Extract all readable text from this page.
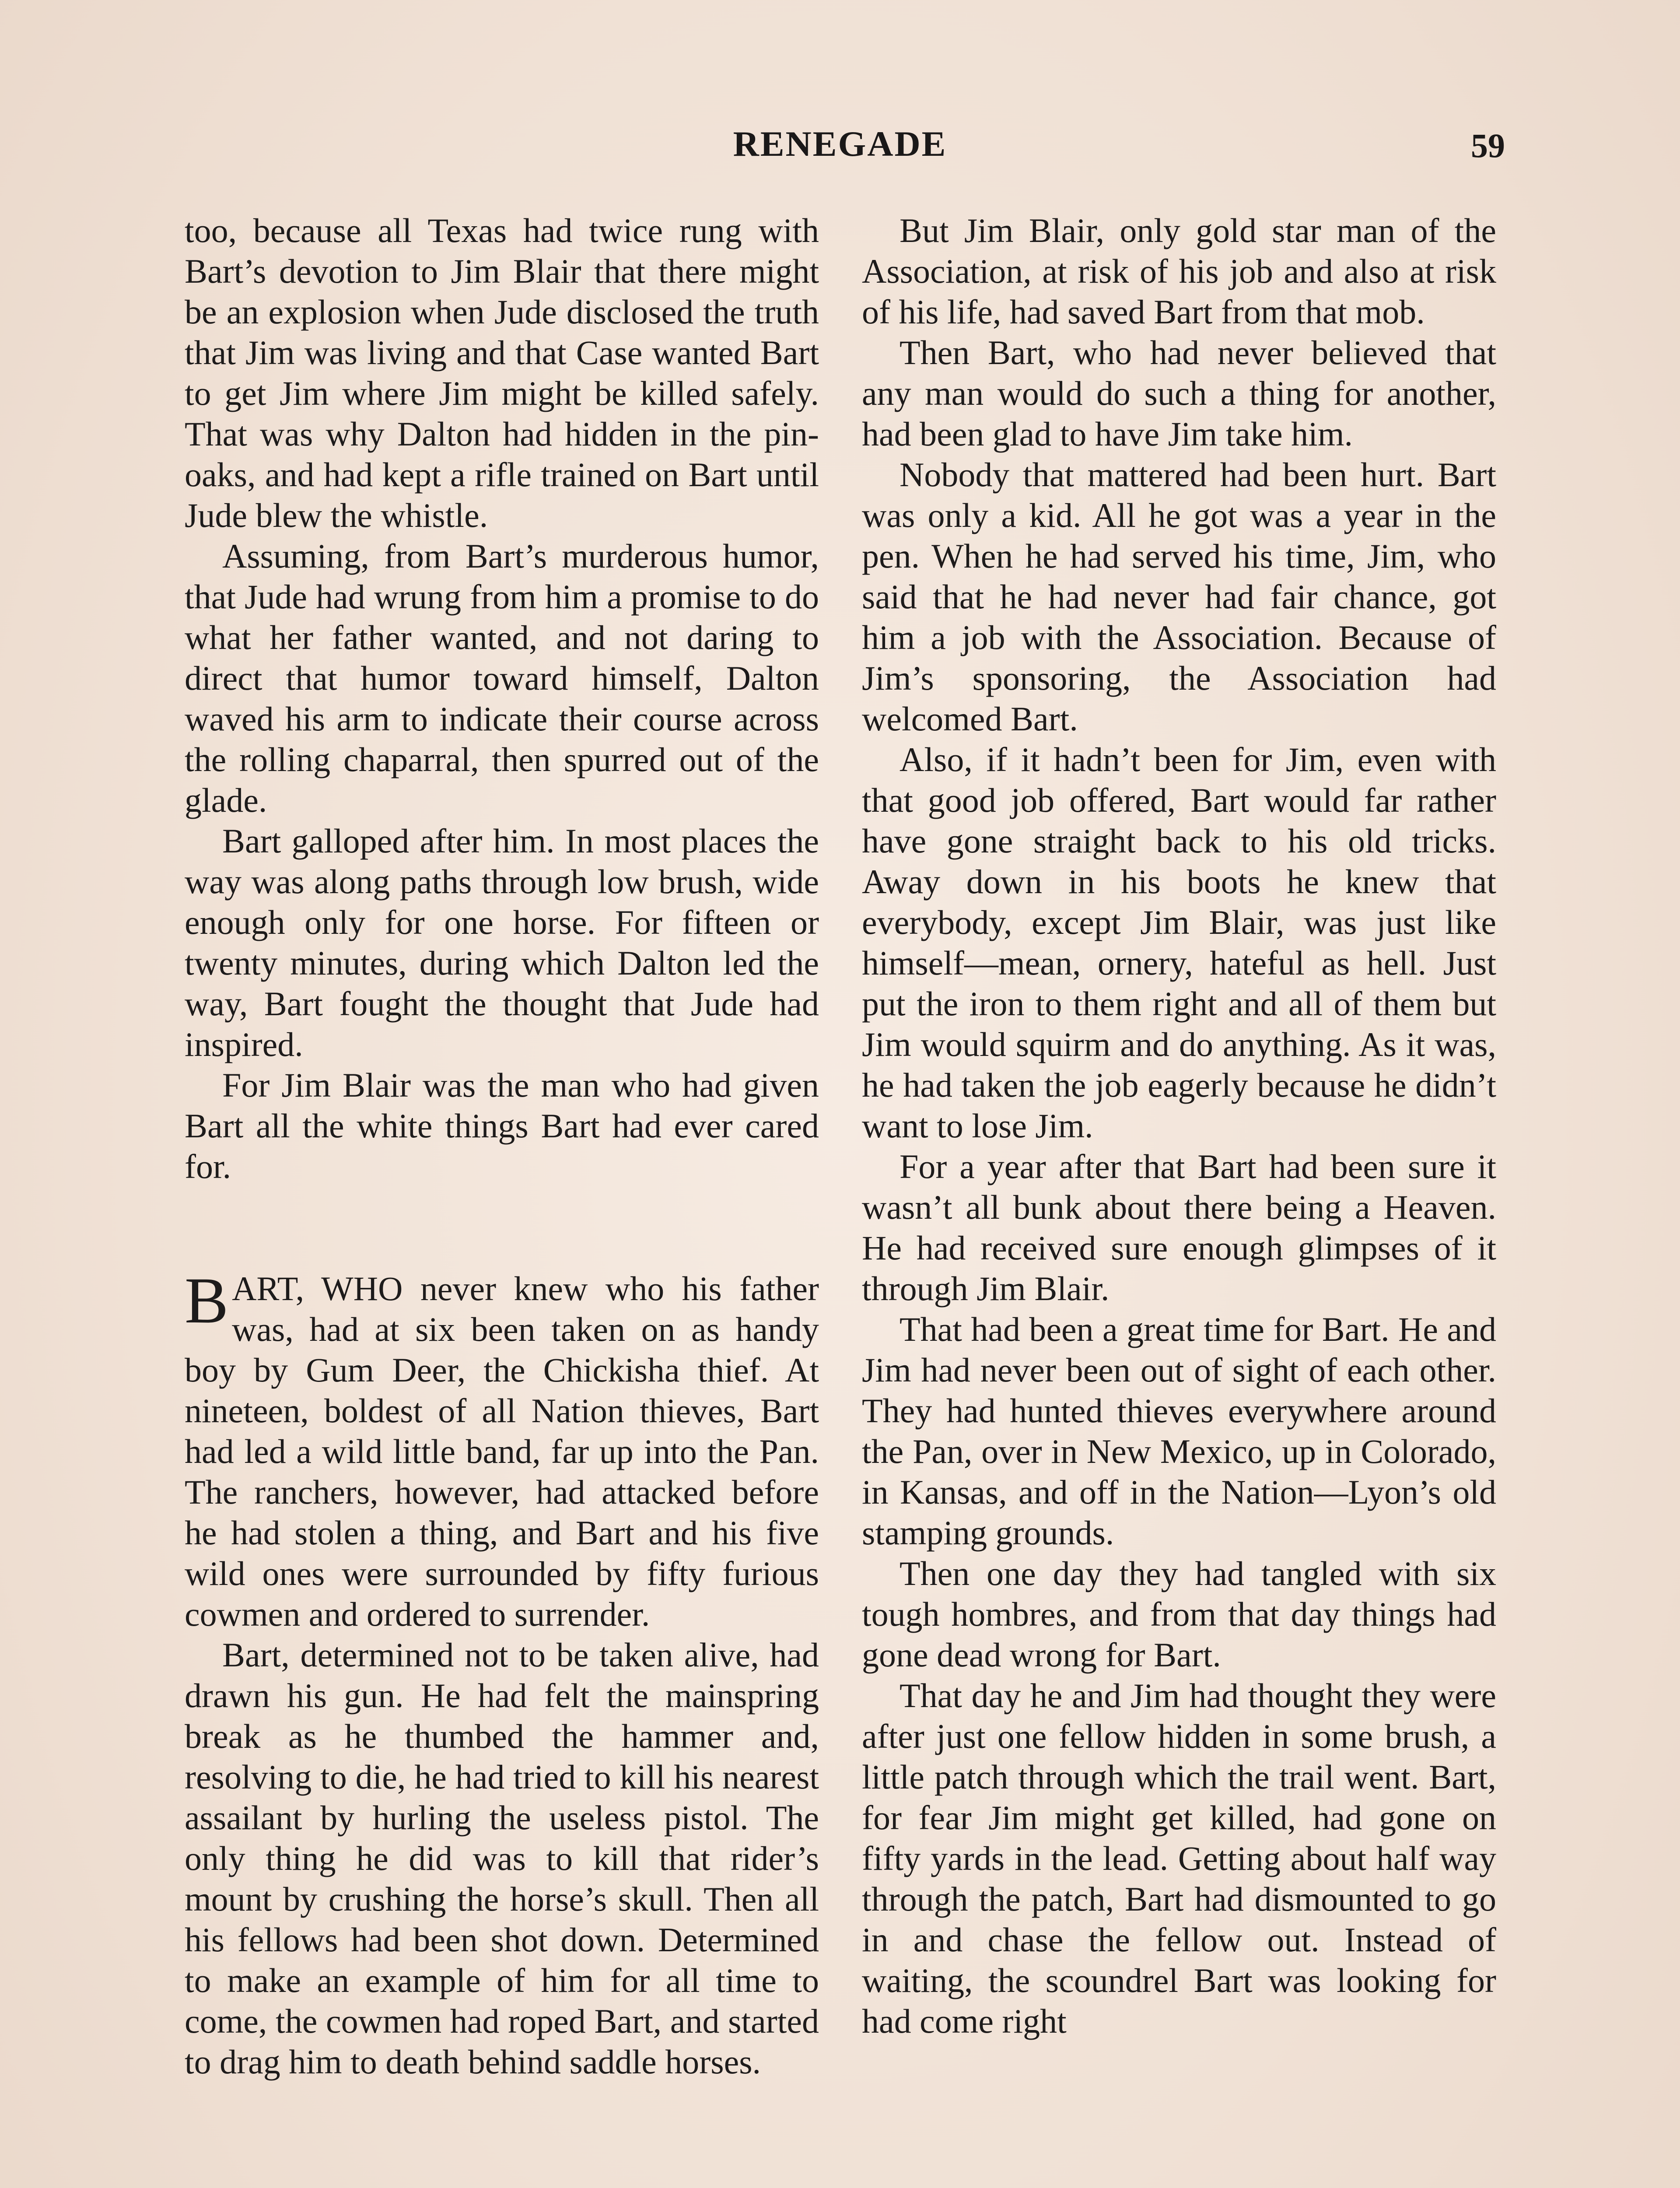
RENEGADE	59

too, because all Texas had twice rung with Bart’s devotion to Jim Blair that there might be an explosion when Jude disclosed the truth that Jim was living and that Case wanted Bart to get Jim where Jim might be killed safely. That was why Dalton had hidden in the pin-oaks, and had kept a rifle trained on Bart until Jude blew the whistle.

Assuming, from Bart’s murderous humor, that Jude had wrung from him a promise to do what her father wanted, and not daring to direct that humor toward himself, Dalton waved his arm to indicate their course across the rolling chaparral, then spurred out of the glade.

Bart galloped after him. In most places the way was along paths through low brush, wide enough only for one horse. For fifteen or twenty minutes, during which Dalton led the way, Bart fought the thought that Jude had inspired.

For Jim Blair was the man who had given Bart all the white things Bart had ever cared for.

BART, WHO never knew who his father was, had at six been taken on as handy boy by Gum Deer, the Chickisha thief. At nineteen, boldest of all Nation thieves, Bart had led a wild little band, far up into the Pan. The ranchers, however, had attacked before he had stolen a thing, and Bart and his five wild ones were surrounded by fifty furious cowmen and ordered to surrender.

Bart, determined not to be taken alive, had drawn his gun. He had felt the mainspring break as he thumbed the hammer and, resolving to die, he had tried to kill his nearest assailant by hurling the useless pistol. The only thing he did was to kill that rider’s mount by crushing the horse’s skull. Then all his fellows had been shot down. Determined to make an example of him for all time to come, the cowmen had roped Bart, and started to drag him to death behind saddle horses.

But Jim Blair, only gold star man of the Association, at risk of his job and also at risk of his life, had saved Bart from that mob.

Then Bart, who had never believed that any man would do such a thing for another, had been glad to have Jim take him.

Nobody that mattered had been hurt. Bart was only a kid. All he got was a year in the pen. When he had served his time, Jim, who said that he had never had fair chance, got him a job with the Association. Because of Jim’s sponsoring, the Association had welcomed Bart.

Also, if it hadn’t been for Jim, even with that good job offered, Bart would far rather have gone straight back to his old tricks. Away down in his boots he knew that everybody, except Jim Blair, was just like himself—mean, ornery, hateful as hell. Just put the iron to them right and all of them but Jim would squirm and do anything. As it was, he had taken the job eagerly because he didn’t want to lose Jim.

For a year after that Bart had been sure it wasn’t all bunk about there being a Heaven. He had received sure enough glimpses of it through Jim Blair.

That had been a great time for Bart. He and Jim had never been out of sight of each other. They had hunted thieves everywhere around the Pan, over in New Mexico, up in Colorado, in Kansas, and off in the Nation—Lyon’s old stamping grounds.

Then one day they had tangled with six tough hombres, and from that day things had gone dead wrong for Bart.

That day he and Jim had thought they were after just one fellow hidden in some brush, a little patch through which the trail went. Bart, for fear Jim might get killed, had gone on fifty yards in the lead. Getting about half way through the patch, Bart had dismounted to go in and chase the fellow out. Instead of waiting, the scoundrel Bart was looking for had come right
